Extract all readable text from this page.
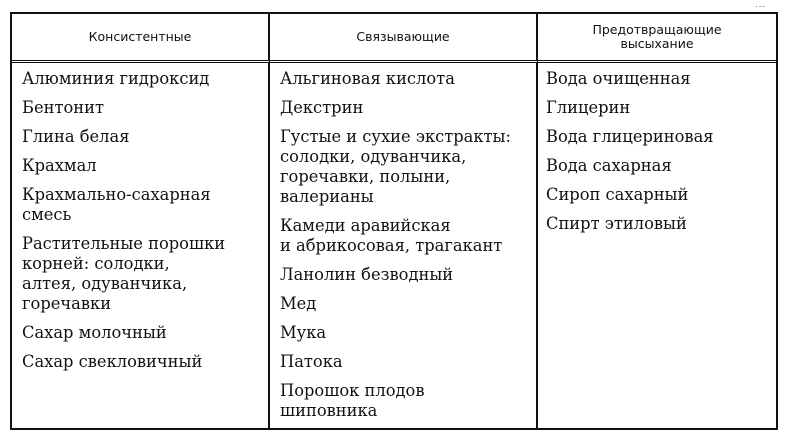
...
Консистентные	Связывающие	Предотвращающие
высыхание
Алюминия гидроксид
Бентонит
Глина белая
Крахмал
Крахмально-сахарная
смесь
Растительные порошки
корней: солодки,
алтея, одуванчика,
горечавки
Сахар молочный
Сахар свекловичный
Альгиновая кислота
Декстрин
Густые и сухие экстракты:
солодки, одуванчика,
горечавки, полыни,
валерианы
Камеди аравийская
и абрикосовая, трагакант
Ланолин безводный
Мед
Мука
Патока
Порошок плодов
шиповника
Вода очищенная
Глицерин
Вода глицериновая
Вода сахарная
Сироп сахарный
Спирт этиловый
